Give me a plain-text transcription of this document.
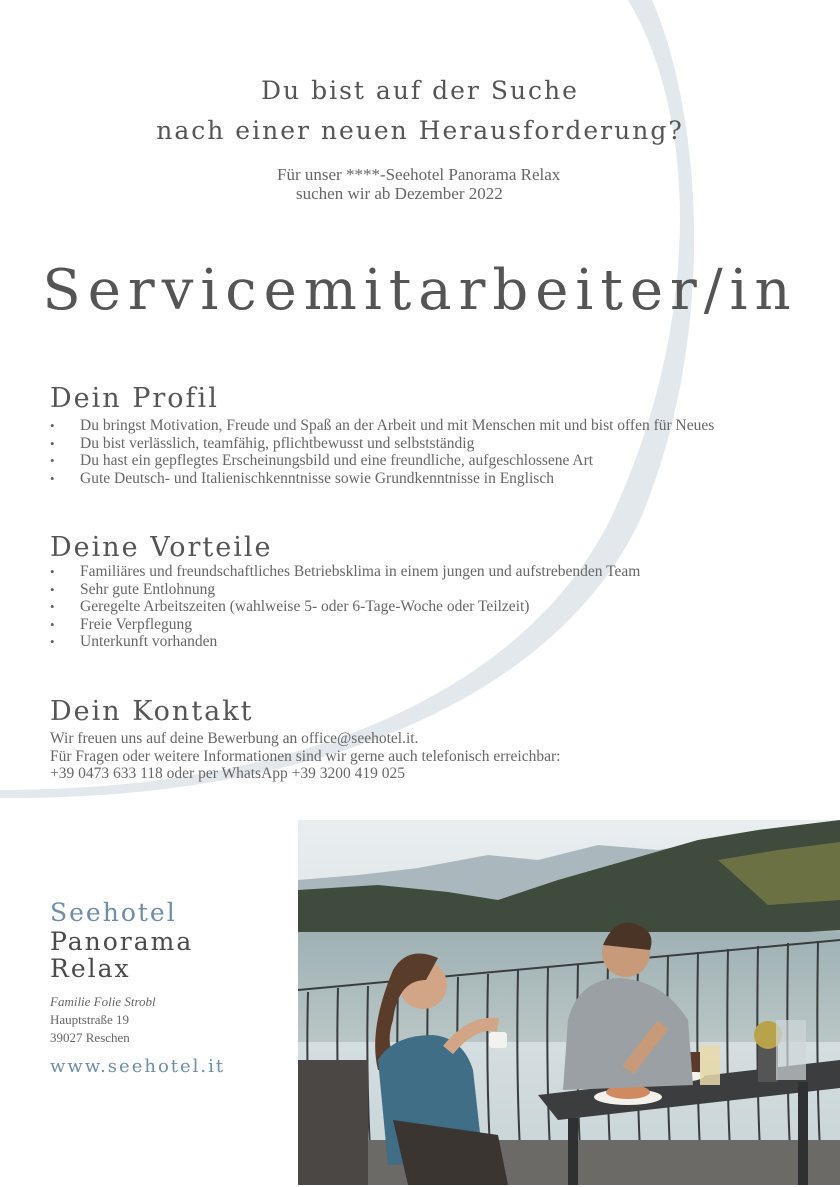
Du bist auf der Suche
nach einer neuen Herausforderung?
Für unser ****-Seehotel Panorama Relax
suchen wir ab Dezember 2022
Servicemitarbeiter/in
Dein Profil
• Du bringst Motivation, Freude und Spaß an der Arbeit und mit Menschen mit und bist offen für Neues
• Du bist verlässlich, teamfähig, pflichtbewusst und selbstständig
• Du hast ein gepflegtes Erscheinungsbild und eine freundliche, aufgeschlossene Art
• Gute Deutsch- und Italienischkenntnisse sowie Grundkenntnisse in Englisch
Deine Vorteile
• Familiäres und freundschaftliches Betriebsklima in einem jungen und aufstrebenden Team
• Sehr gute Entlohnung
• Geregelte Arbeitszeiten (wahlweise 5- oder 6-Tage-Woche oder Teilzeit)
• Freie Verpflegung
• Unterkunft vorhanden
Dein Kontakt
Wir freuen uns auf deine Bewerbung an office@seehotel.it.
Für Fragen oder weitere Informationen sind wir gerne auch telefonisch erreichbar:
+39 0473 633 118 oder per WhatsApp +39 3200 419 025
Seehotel
Panorama
Relax
Familie Folie Strobl
Hauptstraße 19
39027 Reschen
www.seehotel.it
